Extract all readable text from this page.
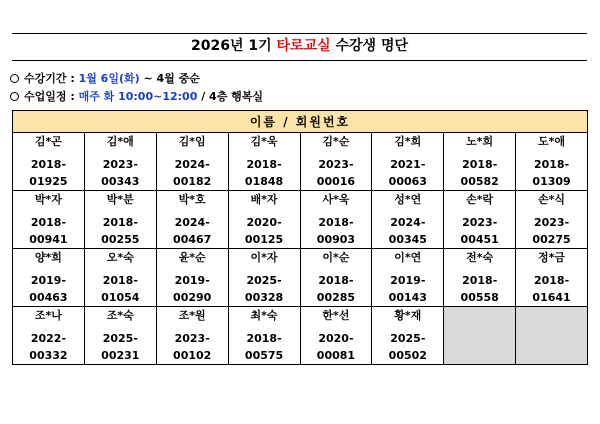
2026년 1기 타로교실 수강생 명단
수강기간 : 1월 6일(화) ~ 4월 중순
수업일정 : 매주 화 10:00~12:00 / 4층 행복실
이름 / 회원번호							

김*곤
2018-01925	김*애
2023-00343	김*임
2024-00182	김*욱
2018-01848	김*순
2023-00016	김*희
2021-00063	노*희
2018-00582	도*애
2018-01309

박*자
2018-00941	박*분
2018-00255	박*호
2024-00467	배*자
2020-00125	사*욱
2018-00903	성*연
2024-00345	손*락
2023-00451	손*식
2023-00275

양*희
2019-00463	오*숙
2018-01054	윤*순
2019-00290	이*자
2025-00328	이*순
2018-00285	이*연
2019-00143	전*숙
2018-00558	정*금
2018-01641

조*나
2022-00332	조*숙
2025-00231	조*원
2023-00102	최*숙
2018-00575	한*선
2020-00081	황*재
2025-00502		
